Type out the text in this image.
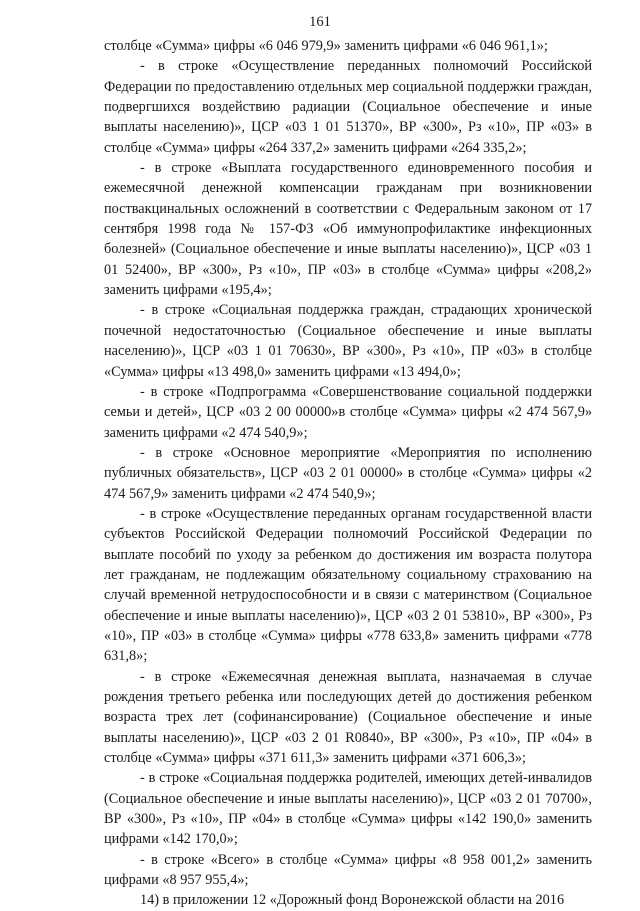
161

столбце «Сумма» цифры «6 046 979,9» заменить цифрами «6 046 961,1»;

- в строке «Осуществление переданных полномочий Российской Федерации по предоставлению отдельных мер социальной поддержки граждан, подвергшихся воздействию радиации (Социальное обеспечение и иные выплаты населению)», ЦСР «03 1 01 51370», ВР «300», Рз «10», ПР «03» в столбце «Сумма» цифры «264 337,2» заменить цифрами «264 335,2»;

- в строке «Выплата государственного единовременного пособия и ежемесячной денежной компенсации гражданам при возникновении поствакцинальных осложнений в соответствии с Федеральным законом от 17 сентября 1998 года № 157-ФЗ «Об иммунопрофилактике инфекционных болезней» (Социальное обеспечение и иные выплаты населению)», ЦСР «03 1 01 52400», ВР «300», Рз «10», ПР «03» в столбце «Сумма» цифры «208,2» заменить цифрами «195,4»;

- в строке «Социальная поддержка граждан, страдающих хронической почечной недостаточностью (Социальное обеспечение и иные выплаты населению)», ЦСР «03 1 01 70630», ВР «300», Рз «10», ПР «03» в столбце «Сумма» цифры «13 498,0» заменить цифрами «13 494,0»;

- в строке «Подпрограмма «Совершенствование социальной поддержки семьи и детей», ЦСР «03 2 00 00000»в столбце «Сумма» цифры «2 474 567,9» заменить цифрами «2 474 540,9»;

- в строке «Основное мероприятие «Мероприятия по исполнению публичных обязательств», ЦСР «03 2 01 00000» в столбце «Сумма» цифры «2 474 567,9» заменить цифрами «2 474 540,9»;

- в строке «Осуществление переданных органам государственной власти субъектов Российской Федерации полномочий Российской Федерации по выплате пособий по уходу за ребенком до достижения им возраста полутора лет гражданам, не подлежащим обязательному социальному страхованию на случай временной нетрудоспособности и в связи с материнством (Социальное обеспечение и иные выплаты населению)», ЦСР «03 2 01 53810», ВР «300», Рз «10», ПР «03» в столбце «Сумма» цифры «778 633,8» заменить цифрами «778 631,8»;

- в строке «Ежемесячная денежная выплата, назначаемая в случае рождения третьего ребенка или последующих детей до достижения ребенком возраста трех лет (софинансирование) (Социальное обеспечение и иные выплаты населению)», ЦСР «03 2 01 R0840», ВР «300», Рз «10», ПР «04» в столбце «Сумма» цифры «371 611,3» заменить цифрами «371 606,3»;

- в строке «Социальная поддержка родителей, имеющих детей-инвалидов (Социальное обеспечение и иные выплаты населению)», ЦСР «03 2 01 70700», ВР «300», Рз «10», ПР «04» в столбце «Сумма» цифры «142 190,0» заменить цифрами «142 170,0»;

- в строке «Всего» в столбце «Сумма» цифры «8 958 001,2» заменить цифрами «8 957 955,4»;

14) в приложении 12 «Дорожный фонд Воронежской области на 2016
